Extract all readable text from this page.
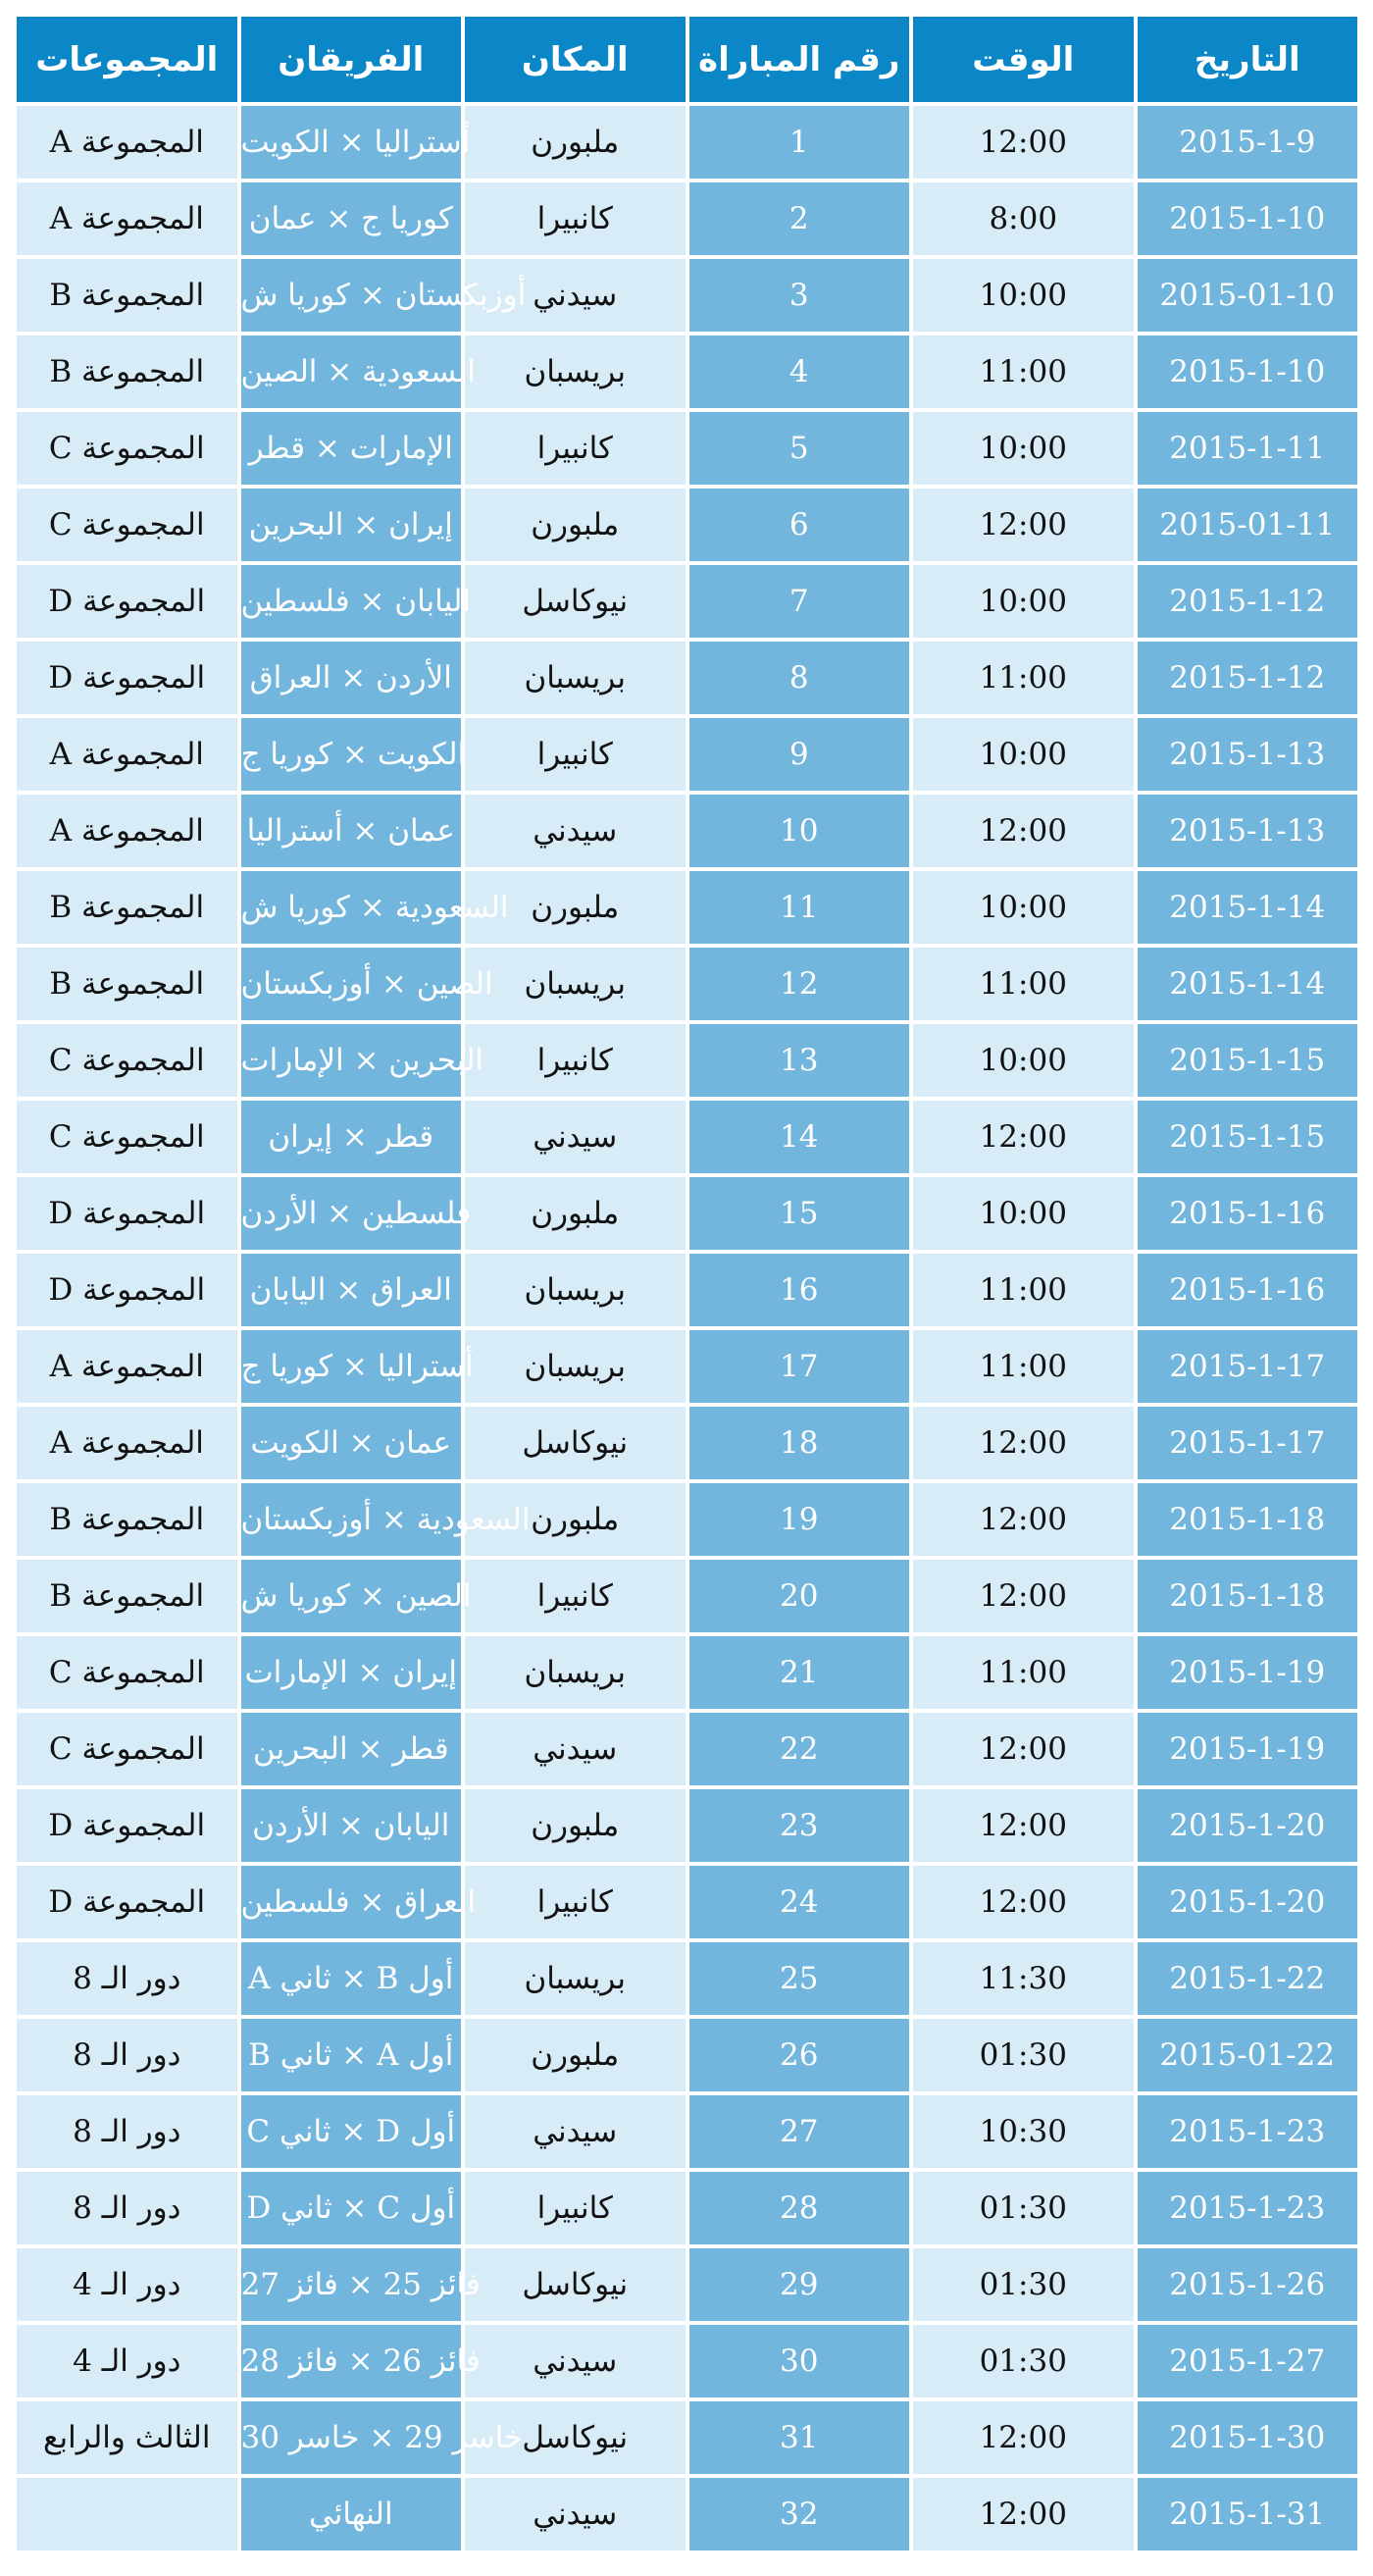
المجموعات	الفريقان	المكان	رقم المباراة	الوقت	التاريخ
المجموعة A	أستراليا × الكويت	ملبورن	1	12:00	2015-1-9
المجموعة A	كوريا ج × عمان	كانبيرا	2	8:00	2015-1-10
المجموعة B	أوزبكستان × كوريا ش	سيدني	3	10:00	2015-01-10
المجموعة B	السعودية × الصين	بريسبان	4	11:00	2015-1-10
المجموعة C	الإمارات × قطر	كانبيرا	5	10:00	2015-1-11
المجموعة C	إيران × البحرين	ملبورن	6	12:00	2015-01-11
المجموعة D	اليابان × فلسطين	نيوكاسل	7	10:00	2015-1-12
المجموعة D	الأردن × العراق	بريسبان	8	11:00	2015-1-12
المجموعة A	الكويت × كوريا ج	كانبيرا	9	10:00	2015-1-13
المجموعة A	عمان × أستراليا	سيدني	10	12:00	2015-1-13
المجموعة B	السعودية × كوريا ش	ملبورن	11	10:00	2015-1-14
المجموعة B	الصين × أوزبكستان	بريسبان	12	11:00	2015-1-14
المجموعة C	البحرين × الإمارات	كانبيرا	13	10:00	2015-1-15
المجموعة C	قطر × إيران	سيدني	14	12:00	2015-1-15
المجموعة D	فلسطين × الأردن	ملبورن	15	10:00	2015-1-16
المجموعة D	العراق × اليابان	بريسبان	16	11:00	2015-1-16
المجموعة A	أستراليا × كوريا ج	بريسبان	17	11:00	2015-1-17
المجموعة A	عمان × الكويت	نيوكاسل	18	12:00	2015-1-17
المجموعة B	السعودية × أوزبكستان	ملبورن	19	12:00	2015-1-18
المجموعة B	الصين × كوريا ش	كانبيرا	20	12:00	2015-1-18
المجموعة C	إيران × الإمارات	بريسبان	21	11:00	2015-1-19
المجموعة C	قطر × البحرين	سيدني	22	12:00	2015-1-19
المجموعة D	اليابان × الأردن	ملبورن	23	12:00	2015-1-20
المجموعة D	العراق × فلسطين	كانبيرا	24	12:00	2015-1-20
دور الـ 8	أول B × ثاني A	بريسبان	25	11:30	2015-1-22
دور الـ 8	أول A × ثاني B	ملبورن	26	01:30	2015-01-22
دور الـ 8	أول D × ثاني C	سيدني	27	10:30	2015-1-23
دور الـ 8	أول C × ثاني D	كانبيرا	28	01:30	2015-1-23
دور الـ 4	فائز 25 × فائز 27	نيوكاسل	29	01:30	2015-1-26
دور الـ 4	فائز 26 × فائز 28	سيدني	30	01:30	2015-1-27
الثالث والرابع	خاسر 29 × خاسر 30	نيوكاسل	31	12:00	2015-1-30
	النهائي	سيدني	32	12:00	2015-1-31
